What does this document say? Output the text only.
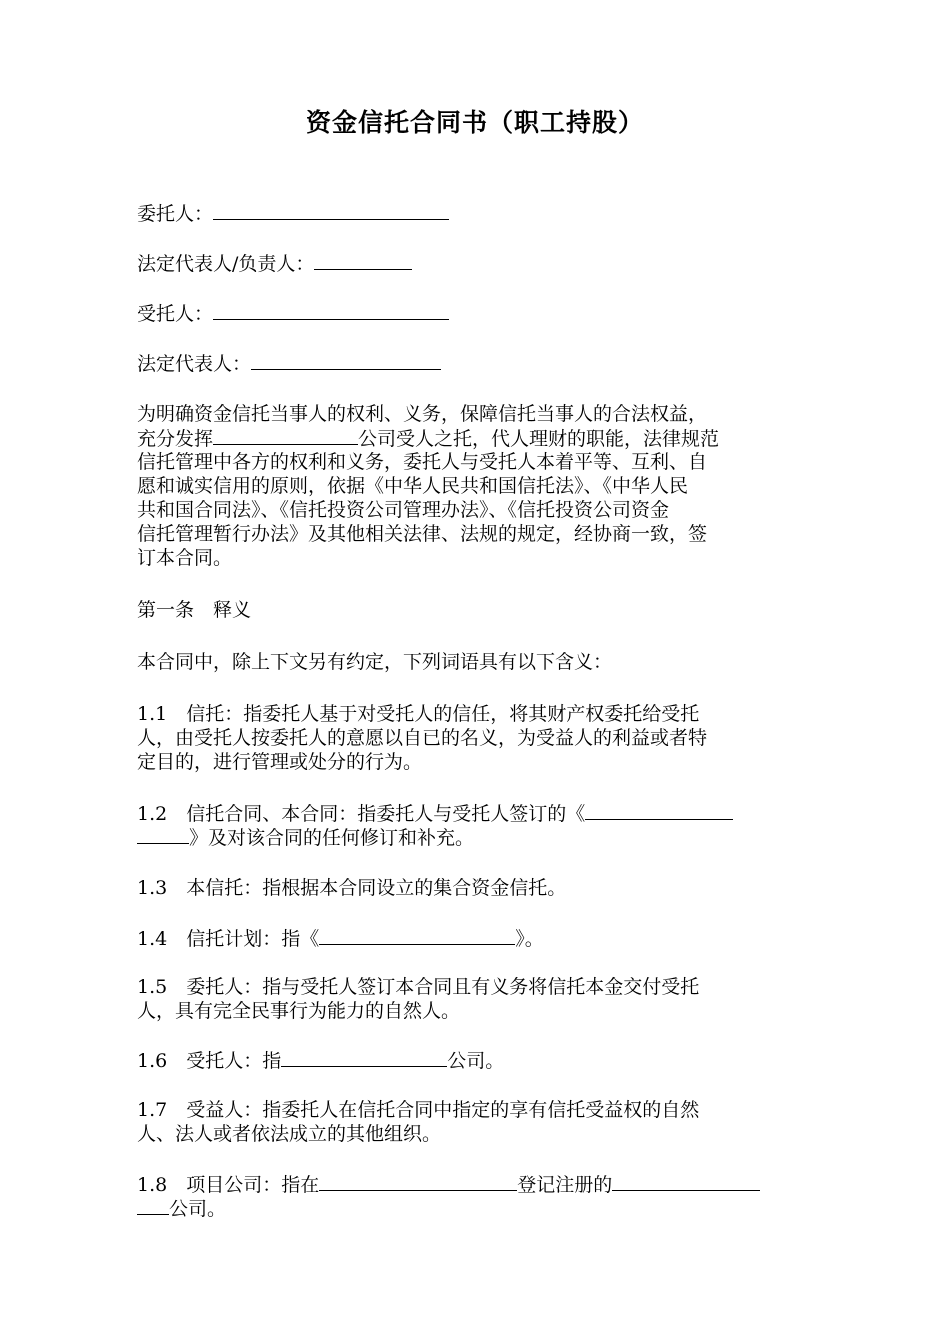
资金信托合同书（职工持股）
委托人：
法定代表人/负责人：
受托人：
法定代表人：
为明确资金信托当事人的权利、义务，保障信托当事人的合法权益，
充分发挥	公司受人之托，代人理财的职能，法律规范
信托管理中各方的权利和义务，委托人与受托人本着平等、互利、自
愿和诚实信用的原则，依据《中华人民共和国信托法》、《中华人民
共和国合同法》、《信托投资公司管理办法》、《信托投资公司资金
信托管理暂行办法》及其他相关法律、法规的规定，经协商一致，签
订本合同。
第一条　释义
本合同中，除上下文另有约定，下列词语具有以下含义：
1.1　信托：指委托人基于对受托人的信任，将其财产权委托给受托
人，由受托人按委托人的意愿以自已的名义，为受益人的利益或者特
定目的，进行管理或处分的行为。
1.2　信托合同、本合同：指委托人与受托人签订的《
》及对该合同的任何修订和补充。
1.3　本信托：指根据本合同设立的集合资金信托。
1.4　信托计划：指《	》。
1.5　委托人：指与受托人签订本合同且有义务将信托本金交付受托
人，具有完全民事行为能力的自然人。
1.6　受托人：指	公司。
1.7　受益人：指委托人在信托合同中指定的享有信托受益权的自然
人、法人或者依法成立的其他组织。
1.8　项目公司：指在	登记注册的
公司。
